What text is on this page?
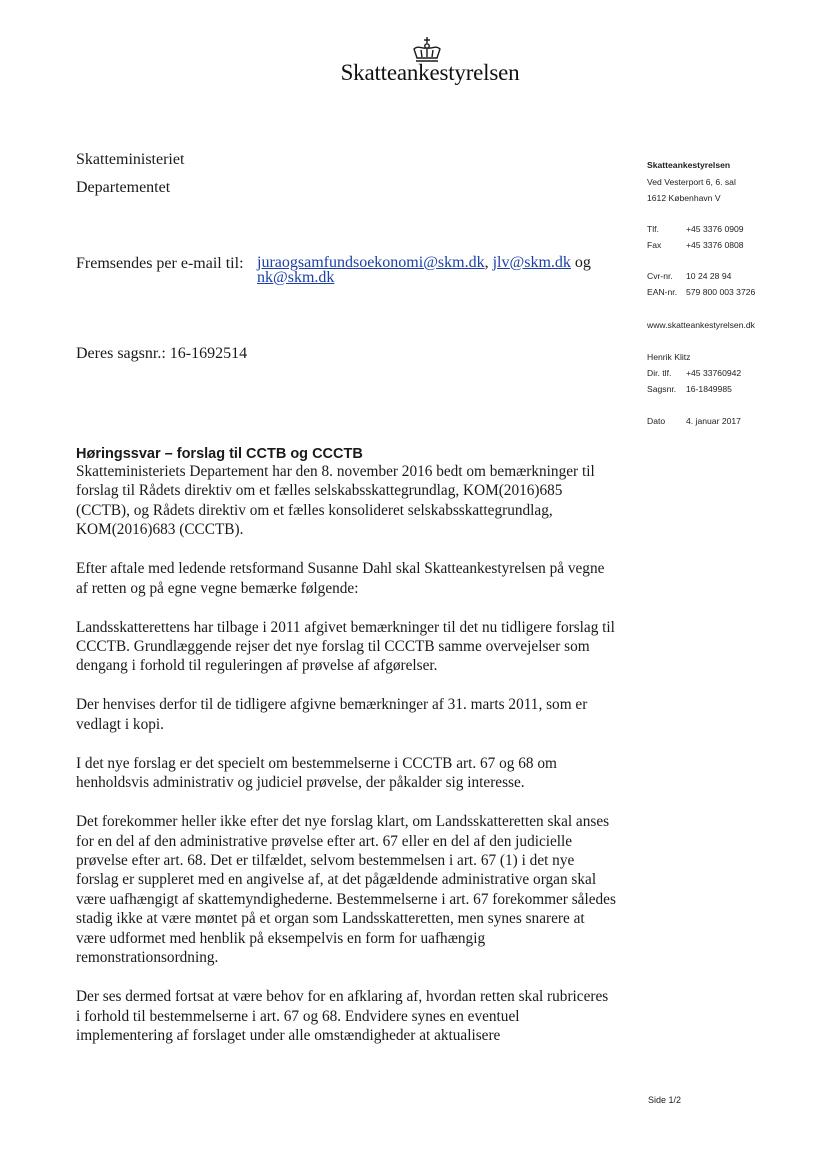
Skatteankestyrelsen
Skatteministeriet
Departementet
Fremsendes per e-mail til: juraogsamfundsoekonomi@skm.dk, jlv@skm.dk og
nk@skm.dk
Deres sagsnr.: 16-1692514
Skatteankestyrelsen
Ved Vesterport 6, 6. sal
1612 København V
Tlf.	+45 3376 0909
Fax	+45 3376 0808
Cvr-nr. 10 24 28 94
EAN-nr. 579 800 003 3726
www.skatteankestyrelsen.dk
Henrik Klitz
Dir. tlf. +45 33760942
Sagsnr. 16-1849985
Dato 4. januar 2017
Høringssvar – forslag til CCTB og CCCTB

Skatteministeriets Departement har den 8. november 2016 bedt om bemærkninger til forslag til Rådets direktiv om et fælles selskabsskattegrundlag, KOM(2016)685 (CCTB), og Rådets direktiv om et fælles konsolideret selskabsskattegrundlag, KOM(2016)683 (CCCTB).

Efter aftale med ledende retsformand Susanne Dahl skal Skatteankestyrelsen på vegne af retten og på egne vegne bemærke følgende:

Landsskatterettens har tilbage i 2011 afgivet bemærkninger til det nu tidligere forslag til CCCTB. Grundlæggende rejser det nye forslag til CCCTB samme overvejelser som dengang i forhold til reguleringen af prøvelse af afgørelser.

Der henvises derfor til de tidligere afgivne bemærkninger af 31. marts 2011, som er vedlagt i kopi.

I det nye forslag er det specielt om bestemmelserne i CCCTB art. 67 og 68 om henholdsvis administrativ og judiciel prøvelse, der påkalder sig interesse.

Det forekommer heller ikke efter det nye forslag klart, om Landsskatteretten skal anses for en del af den administrative prøvelse efter art. 67 eller en del af den judicielle prøvelse efter art. 68. Det er tilfældet, selvom bestemmelsen i art. 67 (1) i det nye forslag er suppleret med en angivelse af, at det pågældende administrative organ skal være uafhængigt af skattemyndighederne. Bestemmelserne i art. 67 forekommer således stadig ikke at være møntet på et organ som Landsskatteretten, men synes snarere at være udformet med henblik på eksempelvis en form for uafhængig remonstrationsordning.

Der ses dermed fortsat at være behov for en afklaring af, hvordan retten skal rubriceres i forhold til bestemmelserne i art. 67 og 68. Endvidere synes en eventuel implementering af forslaget under alle omstændigheder at aktualisere

Side 1/2
